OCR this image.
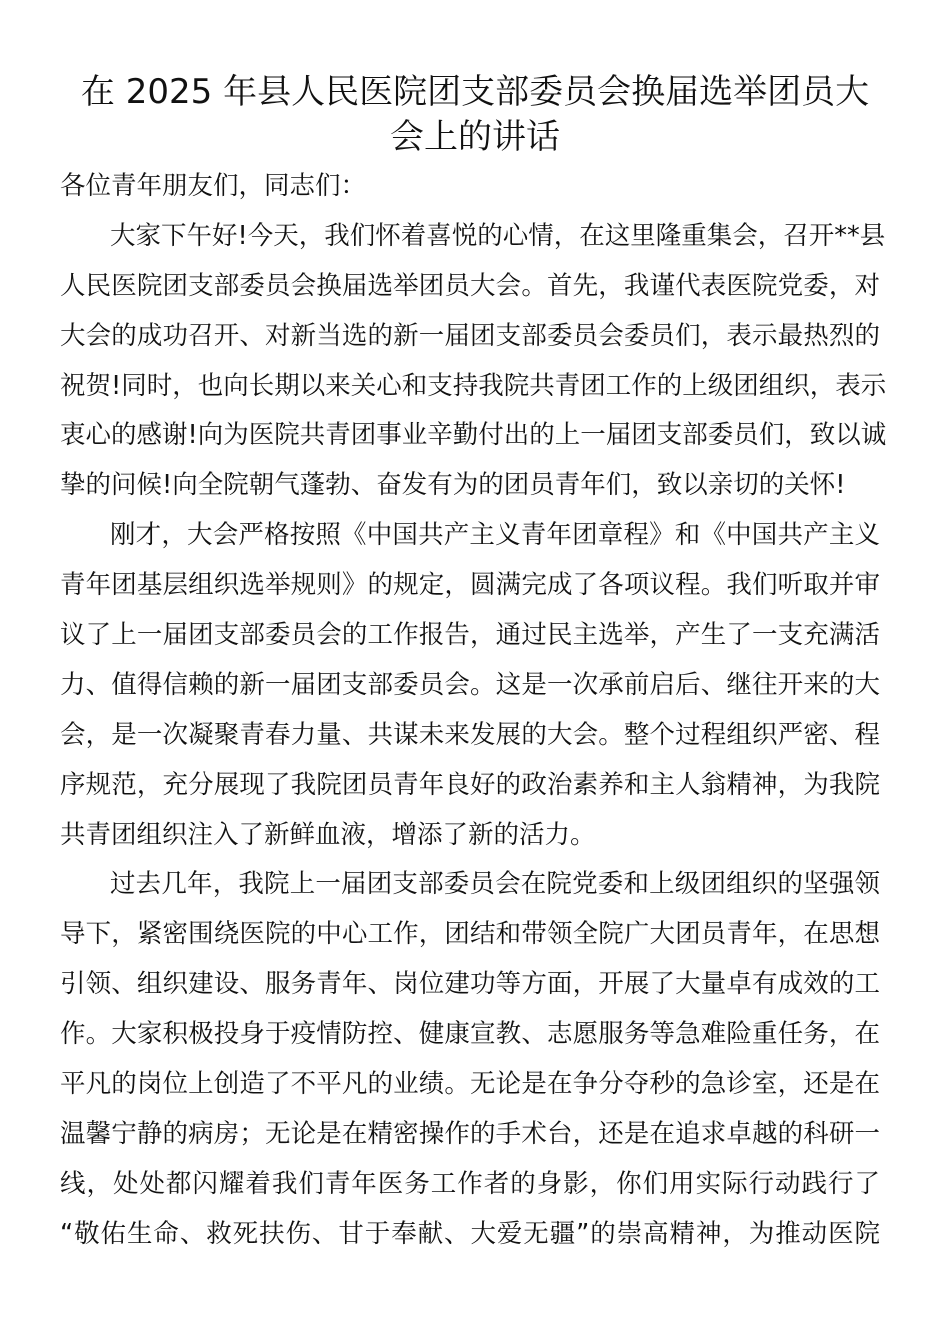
在 2025 年县人民医院团支部委员会换届选举团员大
会上的讲话
各位青年朋友们，同志们：
大家下午好!今天，我们怀着喜悦的心情，在这里隆重集会，召开**县
人民医院团支部委员会换届选举团员大会。首先，我谨代表医院党委，对
大会的成功召开、对新当选的新一届团支部委员会委员们，表示最热烈的
祝贺!同时，也向长期以来关心和支持我院共青团工作的上级团组织，表示
衷心的感谢!向为医院共青团事业辛勤付出的上一届团支部委员们，致以诚
挚的问候!向全院朝气蓬勃、奋发有为的团员青年们，致以亲切的关怀!
刚才，大会严格按照《中国共产主义青年团章程》和《中国共产主义
青年团基层组织选举规则》的规定，圆满完成了各项议程。我们听取并审
议了上一届团支部委员会的工作报告，通过民主选举，产生了一支充满活
力、值得信赖的新一届团支部委员会。这是一次承前启后、继往开来的大
会，是一次凝聚青春力量、共谋未来发展的大会。整个过程组织严密、程
序规范，充分展现了我院团员青年良好的政治素养和主人翁精神，为我院
共青团组织注入了新鲜血液，增添了新的活力。
过去几年，我院上一届团支部委员会在院党委和上级团组织的坚强领
导下，紧密围绕医院的中心工作，团结和带领全院广大团员青年，在思想
引领、组织建设、服务青年、岗位建功等方面，开展了大量卓有成效的工
作。大家积极投身于疫情防控、健康宣教、志愿服务等急难险重任务，在
平凡的岗位上创造了不平凡的业绩。无论是在争分夺秒的急诊室，还是在
温馨宁静的病房；无论是在精密操作的手术台，还是在追求卓越的科研一
线，处处都闪耀着我们青年医务工作者的身影，你们用实际行动践行了
“敬佑生命、救死扶伤、甘于奉献、大爱无疆”的崇高精神，为推动医院
